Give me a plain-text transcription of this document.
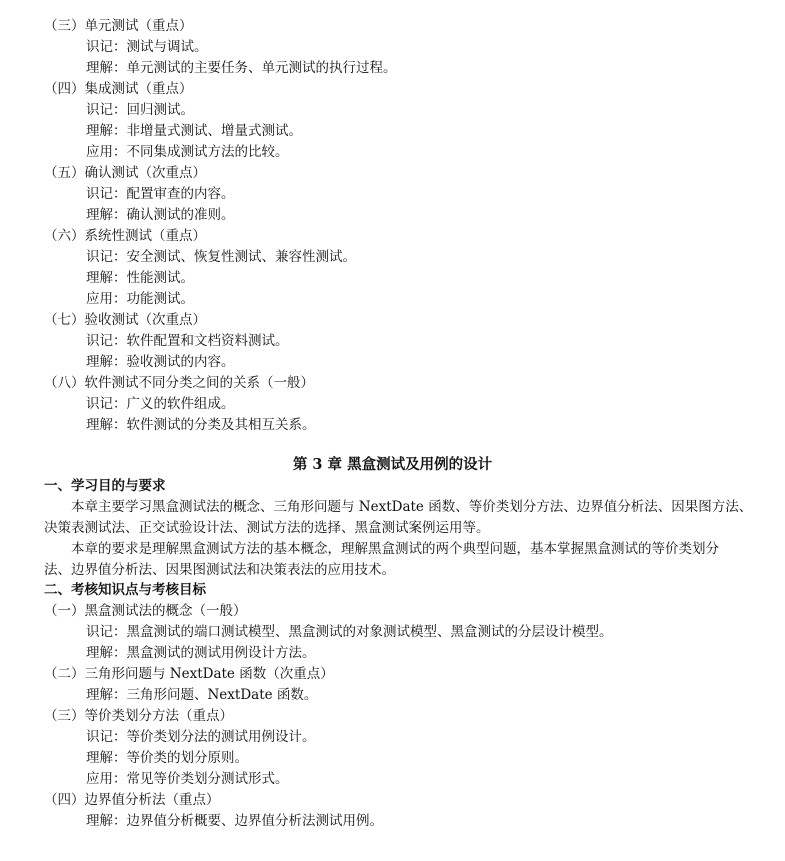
（三）单元测试（重点）
识记：测试与调试。
理解：单元测试的主要任务、单元测试的执行过程。
（四）集成测试（重点）
识记：回归测试。
理解：非增量式测试、增量式测试。
应用：不同集成测试方法的比较。
（五）确认测试（次重点）
识记：配置审查的内容。
理解：确认测试的准则。
（六）系统性测试（重点）
识记：安全测试、恢复性测试、兼容性测试。
理解：性能测试。
应用：功能测试。
（七）验收测试（次重点）
识记：软件配置和文档资料测试。
理解：验收测试的内容。
（八）软件测试不同分类之间的关系（一般）
识记：广义的软件组成。
理解：软件测试的分类及其相互关系。
第 3 章 黑盒测试及用例的设计
一、学习目的与要求
本章主要学习黑盒测试法的概念、三角形问题与 NextDate 函数、等价类划分方法、边界值分析法、因果图方法、
决策表测试法、正交试验设计法、测试方法的选择、黑盒测试案例运用等。
本章的要求是理解黑盒测试方法的基本概念，理解黑盒测试的两个典型问题，基本掌握黑盒测试的等价类划分
法、边界值分析法、因果图测试法和决策表法的应用技术。
二、考核知识点与考核目标
（一）黑盒测试法的概念（一般）
识记：黑盒测试的端口测试模型、黑盒测试的对象测试模型、黑盒测试的分层设计模型。
理解：黑盒测试的测试用例设计方法。
（二）三角形问题与 NextDate 函数（次重点）
理解：三角形问题、NextDate 函数。
（三）等价类划分方法（重点）
识记：等价类划分法的测试用例设计。
理解：等价类的划分原则。
应用：常见等价类划分测试形式。
（四）边界值分析法（重点）
理解：边界值分析概要、边界值分析法测试用例。
